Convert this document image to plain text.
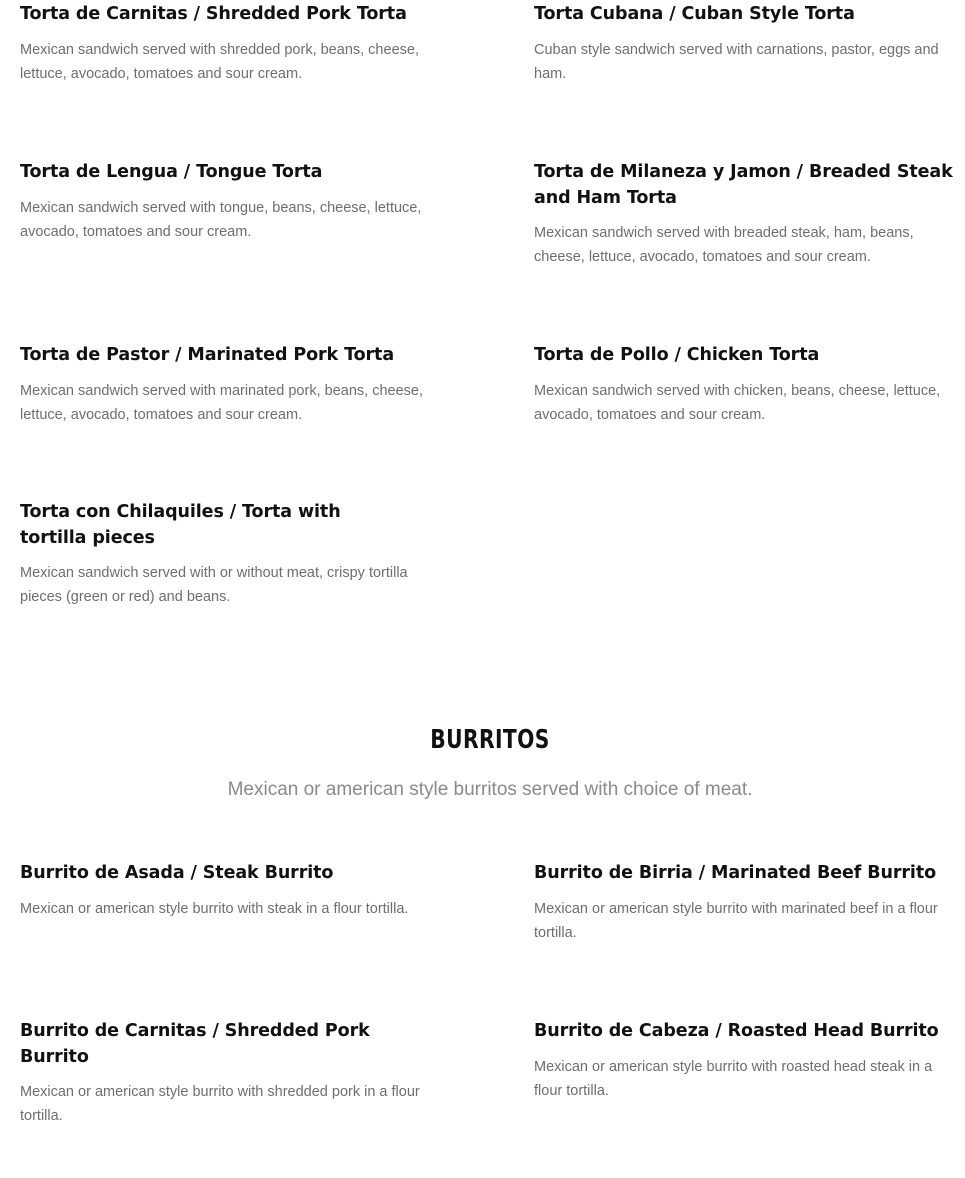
Torta de Carnitas / Shredded Pork Torta

Mexican sandwich served with shredded pork, beans, cheese, lettuce, avocado, tomatoes and sour cream.

Torta Cubana / Cuban Style Torta

Cuban style sandwich served with carnations, pastor, eggs and ham.

Torta de Lengua / Tongue Torta

Mexican sandwich served with tongue, beans, cheese, lettuce, avocado, tomatoes and sour cream.

Torta de Milaneza y Jamon / Breaded Steak and Ham Torta

Mexican sandwich served with breaded steak, ham, beans, cheese, lettuce, avocado, tomatoes and sour cream.

Torta de Pastor / Marinated Pork Torta

Mexican sandwich served with marinated pork, beans, cheese, lettuce, avocado, tomatoes and sour cream.

Torta de Pollo / Chicken Torta

Mexican sandwich served with chicken, beans, cheese, lettuce, avocado, tomatoes and sour cream.

Torta con Chilaquiles / Torta with tortilla pieces

Mexican sandwich served with or without meat, crispy tortilla pieces (green or red) and beans.

BURRITOS
Mexican or american style burritos served with choice of meat.
Burrito de Asada / Steak Burrito

Mexican or american style burrito with steak in a flour tortilla.

Burrito de Birria / Marinated Beef Burrito

Mexican or american style burrito with marinated beef in a flour tortilla.

Burrito de Carnitas / Shredded Pork Burrito

Mexican or american style burrito with shredded pork in a flour tortilla.

Burrito de Cabeza / Roasted Head Burrito

Mexican or american style burrito with roasted head steak in a flour tortilla.
